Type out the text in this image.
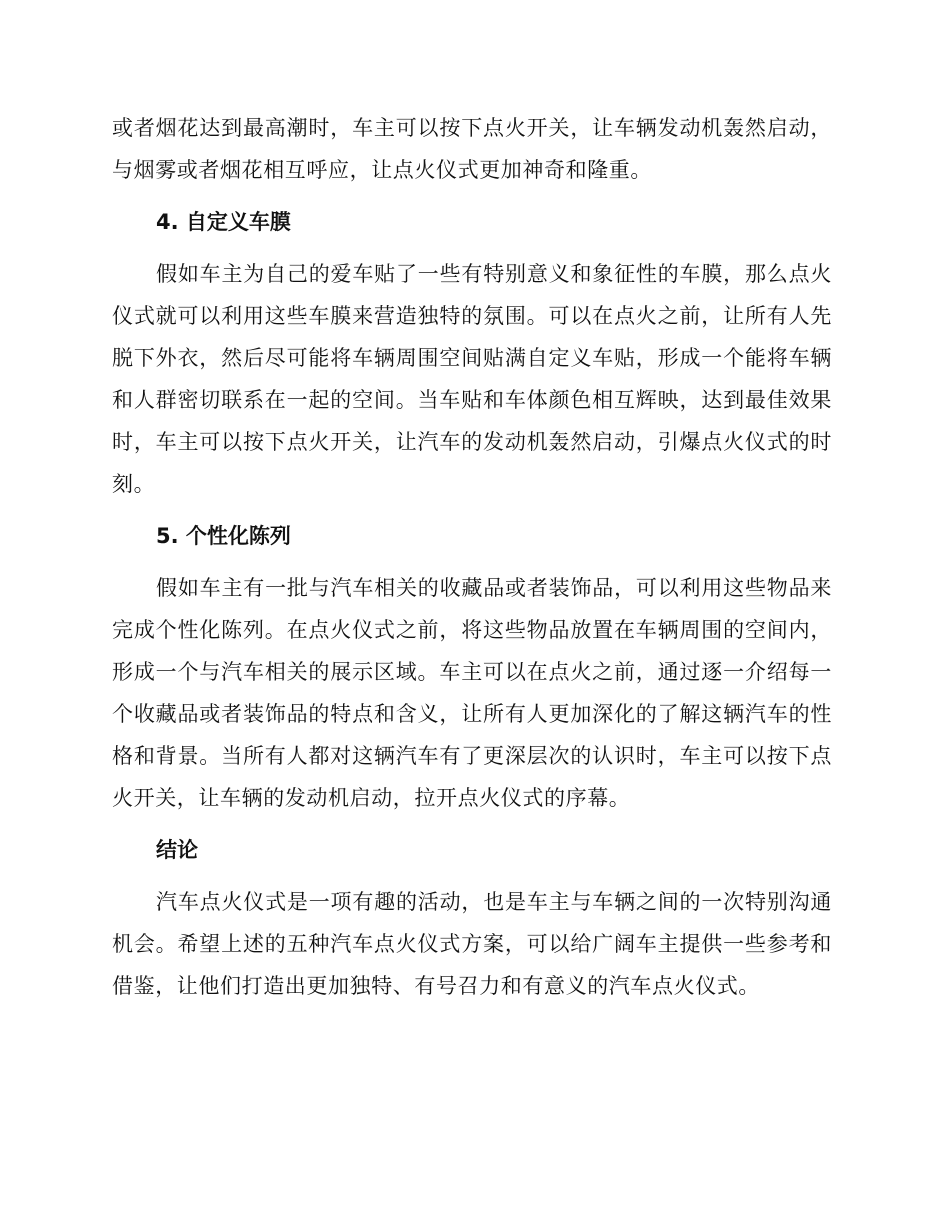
或者烟花达到最高潮时，车主可以按下点火开关，让车辆发动机轰然启动，与烟雾或者烟花相互呼应，让点火仪式更加神奇和隆重。

4. 自定义车膜

假如车主为自己的爱车贴了一些有特别意义和象征性的车膜，那么点火仪式就可以利用这些车膜来营造独特的氛围。可以在点火之前，让所有人先脱下外衣，然后尽可能将车辆周围空间贴满自定义车贴，形成一个能将车辆和人群密切联系在一起的空间。当车贴和车体颜色相互辉映，达到最佳效果时，车主可以按下点火开关，让汽车的发动机轰然启动，引爆点火仪式的时刻。

5. 个性化陈列

假如车主有一批与汽车相关的收藏品或者装饰品，可以利用这些物品来完成个性化陈列。在点火仪式之前，将这些物品放置在车辆周围的空间内，形成一个与汽车相关的展示区域。车主可以在点火之前，通过逐一介绍每一个收藏品或者装饰品的特点和含义，让所有人更加深化的了解这辆汽车的性格和背景。当所有人都对这辆汽车有了更深层次的认识时，车主可以按下点火开关，让车辆的发动机启动，拉开点火仪式的序幕。

结论

汽车点火仪式是一项有趣的活动，也是车主与车辆之间的一次特别沟通机会。希望上述的五种汽车点火仪式方案，可以给广阔车主提供一些参考和借鉴，让他们打造出更加独特、有号召力和有意义的汽车点火仪式。
